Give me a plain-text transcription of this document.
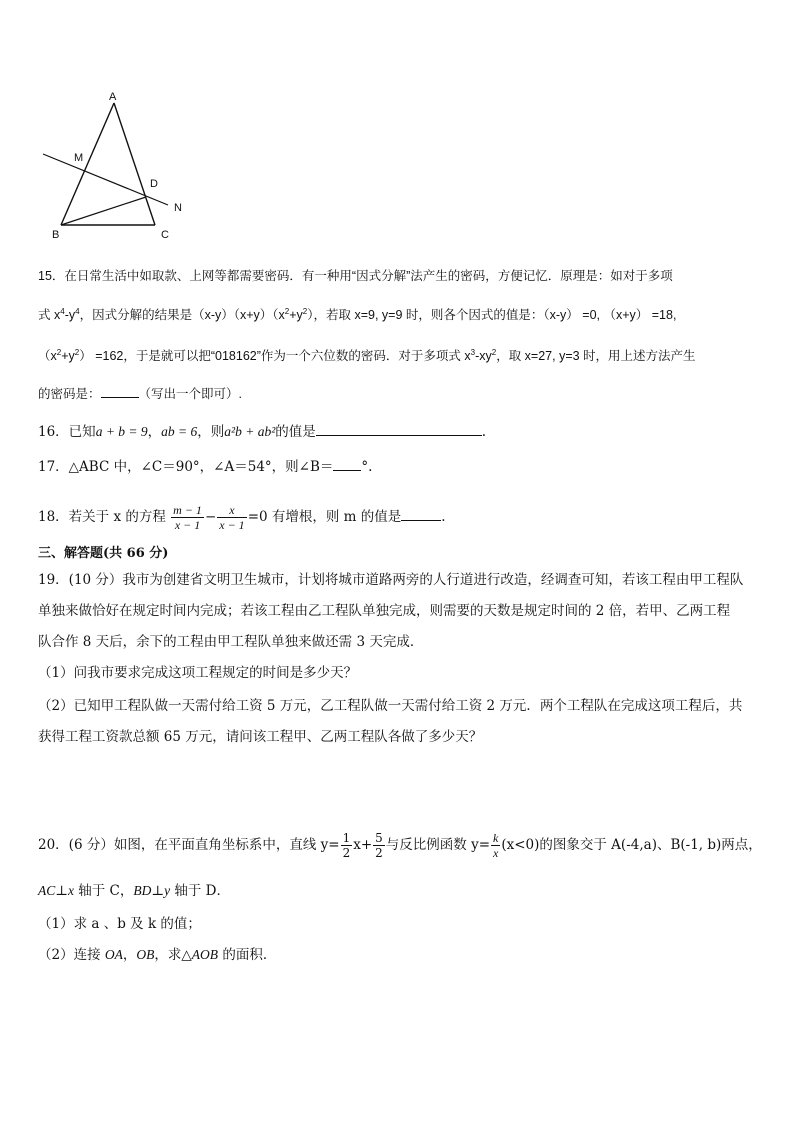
A
M
D
N
B	C
15．在日常生活中如取款、上网等都需要密码．有一种用“因式分解”法产生的密码，方便记忆．原理是：如对于多项
式 $x^4-y^4$，因式分解的结果是$(x-y)(x+y)(x^2+y^2)$，若取 x=9, y=9 时，则各个因式的值是：（x-y） =0, （x+y） =18,
$(x^2+y^2) =162$，于是就可以把“018162”作为一个六位数的密码．对于多项式 $x^3-xy^2$，取 x=27, y=3 时，用上述方法产生
的密码是：	（写出一个即可）.
16．已知a + b = 9，ab = 6，则a²b + ab²的值是	.
17．△ABC 中，∠C＝90°，∠A＝54°，则∠B＝ °.
18．若关于 x 的方程 $\frac{m - 1}{x - 1} - \frac{x}{x - 1} =0$ 有增根，则 m 的值是	.
三、解答题(共 66 分)
19．(10 分）我市为创建省文明卫生城市，计划将城市道路两旁的人行道进行改造，经调查可知，若该工程由甲工程队
单独来做恰好在规定时间内完成；若该工程由乙工程队单独完成，则需要的天数是规定时间的 2 倍，若甲、乙两工程
队合作 8 天后，余下的工程由甲工程队单独来做还需 3 天完成．
（1）问我市要求完成这项工程规定的时间是多少天？
（2）已知甲工程队做一天需付给工资 5 万元，乙工程队做一天需付给工资 2 万元．两个工程队在完成这项工程后，共
获得工程工资款总额 65 万元，请问该工程甲、乙两工程队各做了多少天？
20．(6 分）如图，在平面直角坐标系中，直线 $y= \frac{1}{2} x+ \frac{5}{2}$ 与反比例函数 $y= \frac{k}{x} (x<0)$的图象交于 A(-4,a)、B(-1, b)两点，
AC⊥x 轴于 C，BD⊥y 轴于 D．
（1）求 a 、b 及 k 的值；
（2）连接 OA，OB，求△AOB 的面积．
